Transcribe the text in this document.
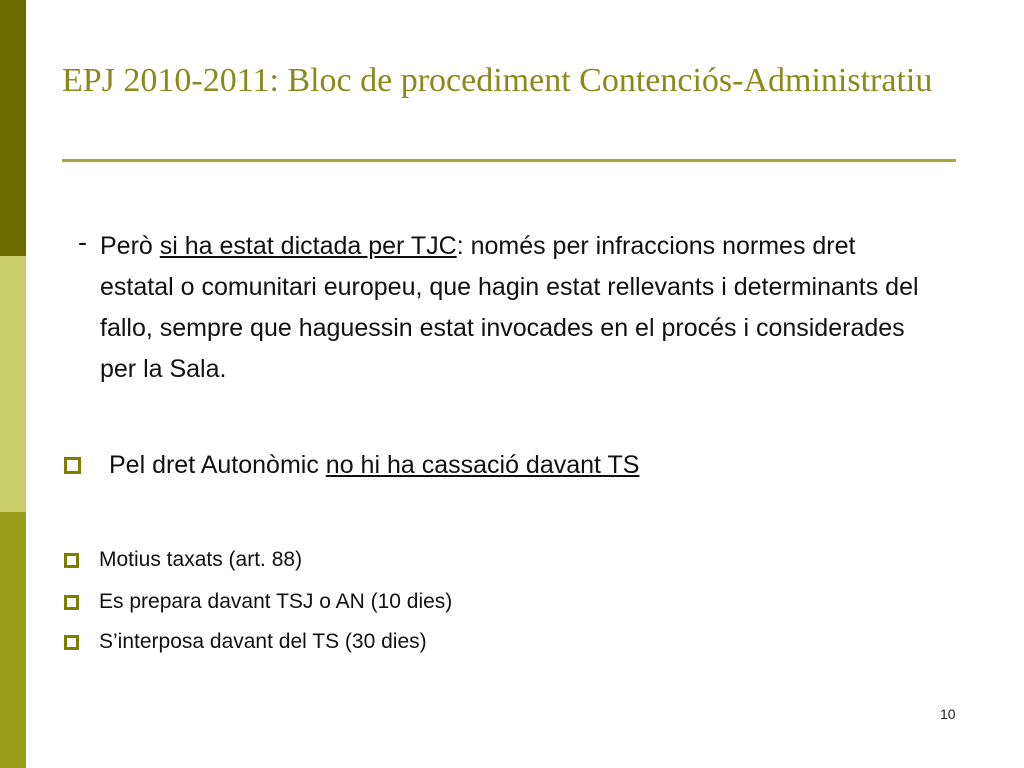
EPJ 2010-2011: Bloc de procediment Contenciós-Administratiu
- Però si ha estat dictada per TJC: només per infraccions normes dret estatal o comunitari europeu, que hagin estat rellevants i determinants del fallo, sempre que haguessin estat invocades en el procés i considerades per la Sala.
Pel dret Autonòmic no hi ha cassació davant TS
Motius taxats (art. 88)
Es prepara davant TSJ o AN (10 dies)
S’interposa davant del TS (30 dies)
10
